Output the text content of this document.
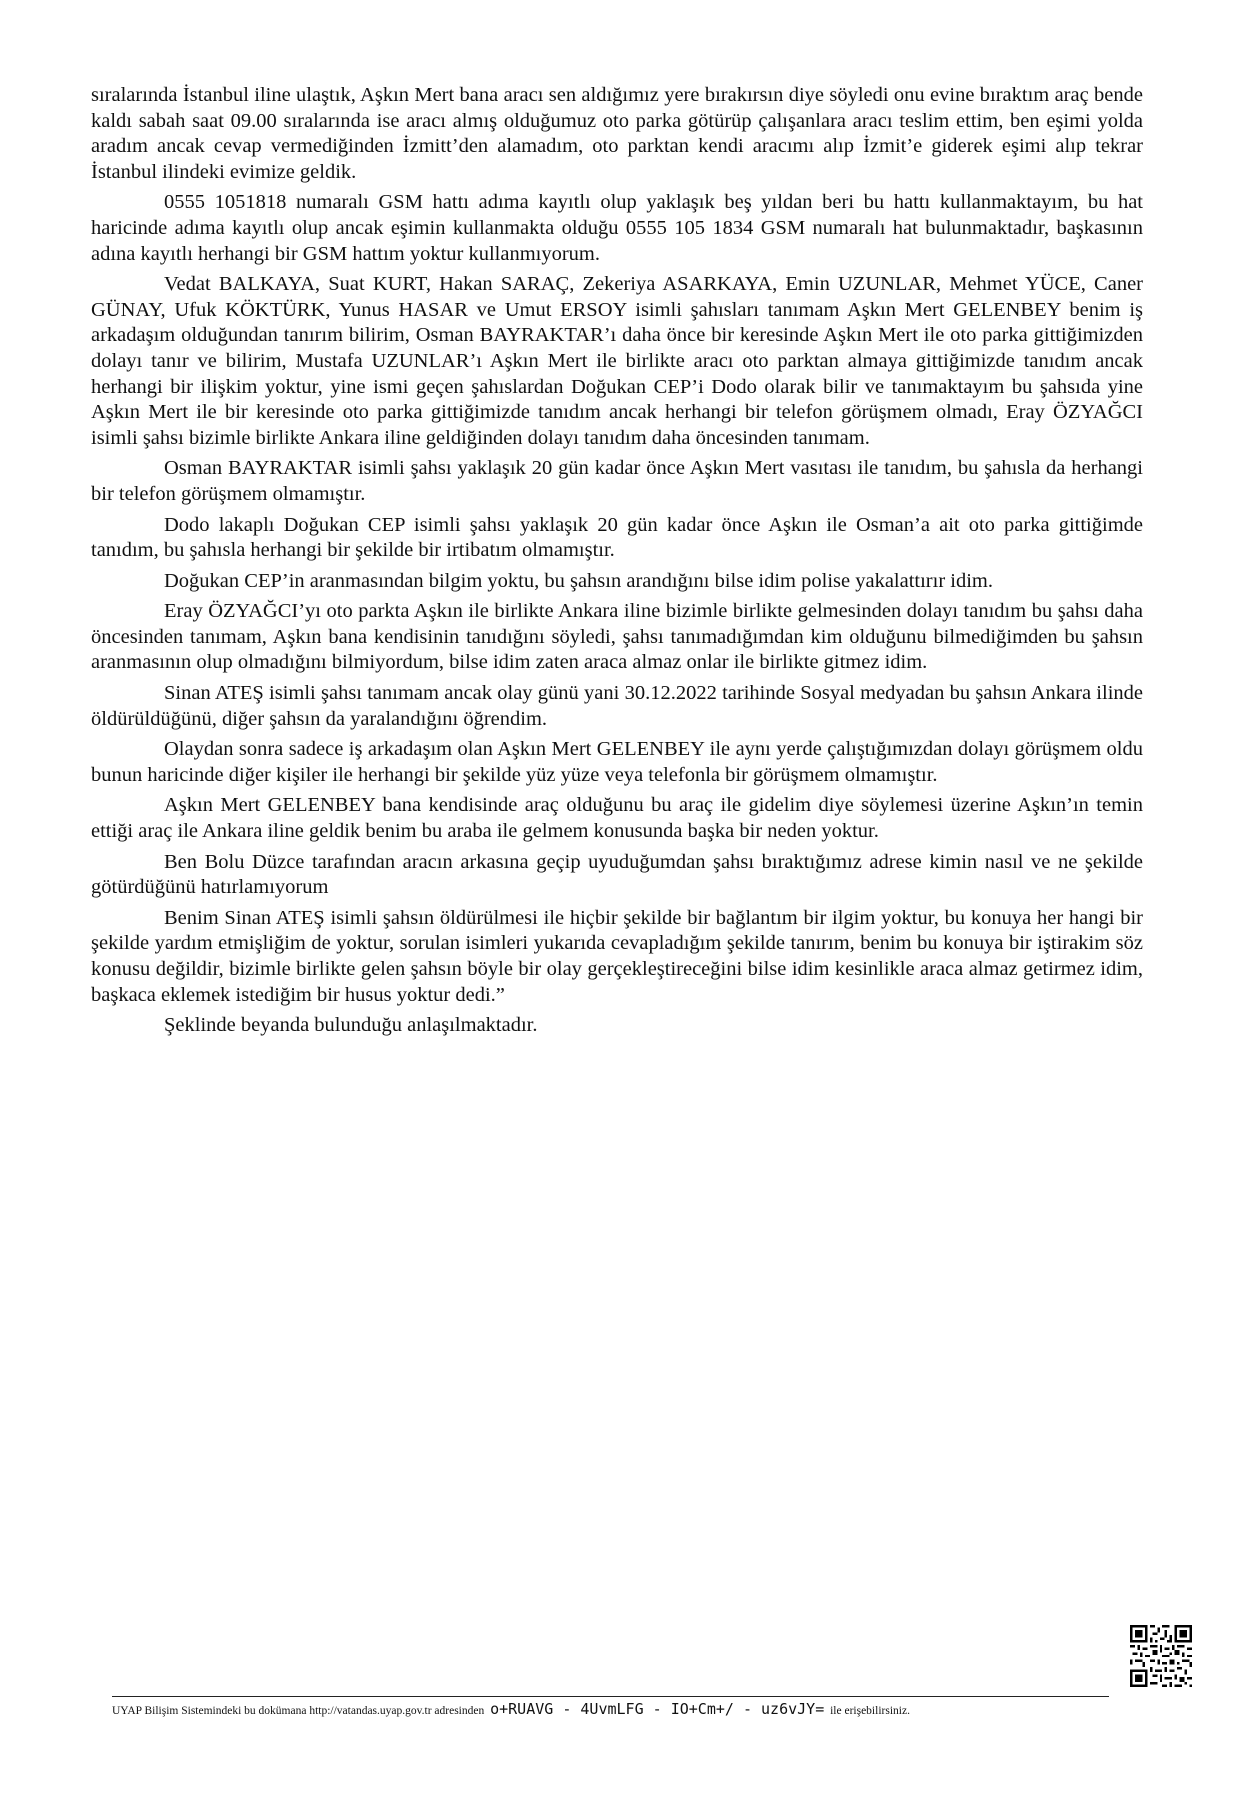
sıralarında İstanbul iline ulaştık, Aşkın Mert bana aracı sen aldığımız yere bırakırsın diye söyledi onu evine bıraktım araç bende kaldı sabah saat 09.00 sıralarında ise aracı almış olduğumuz oto parka götürüp çalışanlara aracı teslim ettim, ben eşimi yolda aradım ancak cevap vermediğinden İzmitt’den alamadım, oto parktan kendi aracımı alıp İzmit’e giderek eşimi alıp tekrar İstanbul ilindeki evimize geldik.

0555 1051818 numaralı GSM hattı adıma kayıtlı olup yaklaşık beş yıldan beri bu hattı kullanmaktayım, bu hat haricinde adıma kayıtlı olup ancak eşimin kullanmakta olduğu 0555 105 1834 GSM numaralı hat bulunmaktadır, başkasının adına kayıtlı herhangi bir GSM hattım yoktur kullanmıyorum.

Vedat BALKAYA, Suat KURT, Hakan SARAÇ, Zekeriya ASARKAYA, Emin UZUNLAR, Mehmet YÜCE, Caner GÜNAY, Ufuk KÖKTÜRK, Yunus HASAR ve Umut ERSOY isimli şahısları tanımam Aşkın Mert GELENBEY benim iş arkadaşım olduğundan tanırım bilirim, Osman BAYRAKTAR’ı daha önce bir keresinde Aşkın Mert ile oto parka gittiğimizden dolayı tanır ve bilirim, Mustafa UZUNLAR’ı Aşkın Mert ile birlikte aracı oto parktan almaya gittiğimizde tanıdım ancak herhangi bir ilişkim yoktur, yine ismi geçen şahıslardan Doğukan CEP’i Dodo olarak bilir ve tanımaktayım bu şahsıda yine Aşkın Mert ile bir keresinde oto parka gittiğimizde tanıdım ancak herhangi bir telefon görüşmem olmadı, Eray ÖZYAĞCI isimli şahsı bizimle birlikte Ankara iline geldiğinden dolayı tanıdım daha öncesinden tanımam.

Osman BAYRAKTAR isimli şahsı yaklaşık 20 gün kadar önce Aşkın Mert vasıtası ile tanıdım, bu şahısla da herhangi bir telefon görüşmem olmamıştır.

Dodo lakaplı Doğukan CEP isimli şahsı yaklaşık 20 gün kadar önce Aşkın ile Osman’a ait oto parka gittiğimde tanıdım, bu şahısla herhangi bir şekilde bir irtibatım olmamıştır.

Doğukan CEP’in aranmasından bilgim yoktu, bu şahsın arandığını bilse idim polise yakalattırır idim.

Eray ÖZYAĞCI’yı oto parkta Aşkın ile birlikte Ankara iline bizimle birlikte gelmesinden dolayı tanıdım bu şahsı daha öncesinden tanımam, Aşkın bana kendisinin tanıdığını söyledi, şahsı tanımadığımdan kim olduğunu bilmediğimden bu şahsın aranmasının olup olmadığını bilmiyordum, bilse idim zaten araca almaz onlar ile birlikte gitmez idim.

Sinan ATEŞ isimli şahsı tanımam ancak olay günü yani 30.12.2022 tarihinde Sosyal medyadan bu şahsın Ankara ilinde öldürüldüğünü, diğer şahsın da yaralandığını öğrendim.

Olaydan sonra sadece iş arkadaşım olan Aşkın Mert GELENBEY ile aynı yerde çalıştığımızdan dolayı görüşmem oldu bunun haricinde diğer kişiler ile herhangi bir şekilde yüz yüze veya telefonla bir görüşmem olmamıştır.

Aşkın Mert GELENBEY bana kendisinde araç olduğunu bu araç ile gidelim diye söylemesi üzerine Aşkın’ın temin ettiği araç ile Ankara iline geldik benim bu araba ile gelmem konusunda başka bir neden yoktur.

Ben Bolu Düzce tarafından aracın arkasına geçip uyuduğumdan şahsı bıraktığımız adrese kimin nasıl ve ne şekilde götürdüğünü hatırlamıyorum

Benim Sinan ATEŞ isimli şahsın öldürülmesi ile hiçbir şekilde bir bağlantım bir ilgim yoktur, bu konuya her hangi bir şekilde yardım etmişliğim de yoktur, sorulan isimleri yukarıda cevapladığım şekilde tanırım, benim bu konuya bir iştirakim söz konusu değildir, bizimle birlikte gelen şahsın böyle bir olay gerçekleştireceğini bilse idim kesinlikle araca almaz getirmez idim, başkaca eklemek istediğim bir husus yoktur dedi.”

Şeklinde beyanda bulunduğu anlaşılmaktadır.

UYAP Bilişim Sistemindeki bu dokümana http://vatandas.uyap.gov.tr adresinden o+RUAVG - 4UvmLFG - IO+Cm+/ - uz6vJY= ile erişebilirsiniz.
